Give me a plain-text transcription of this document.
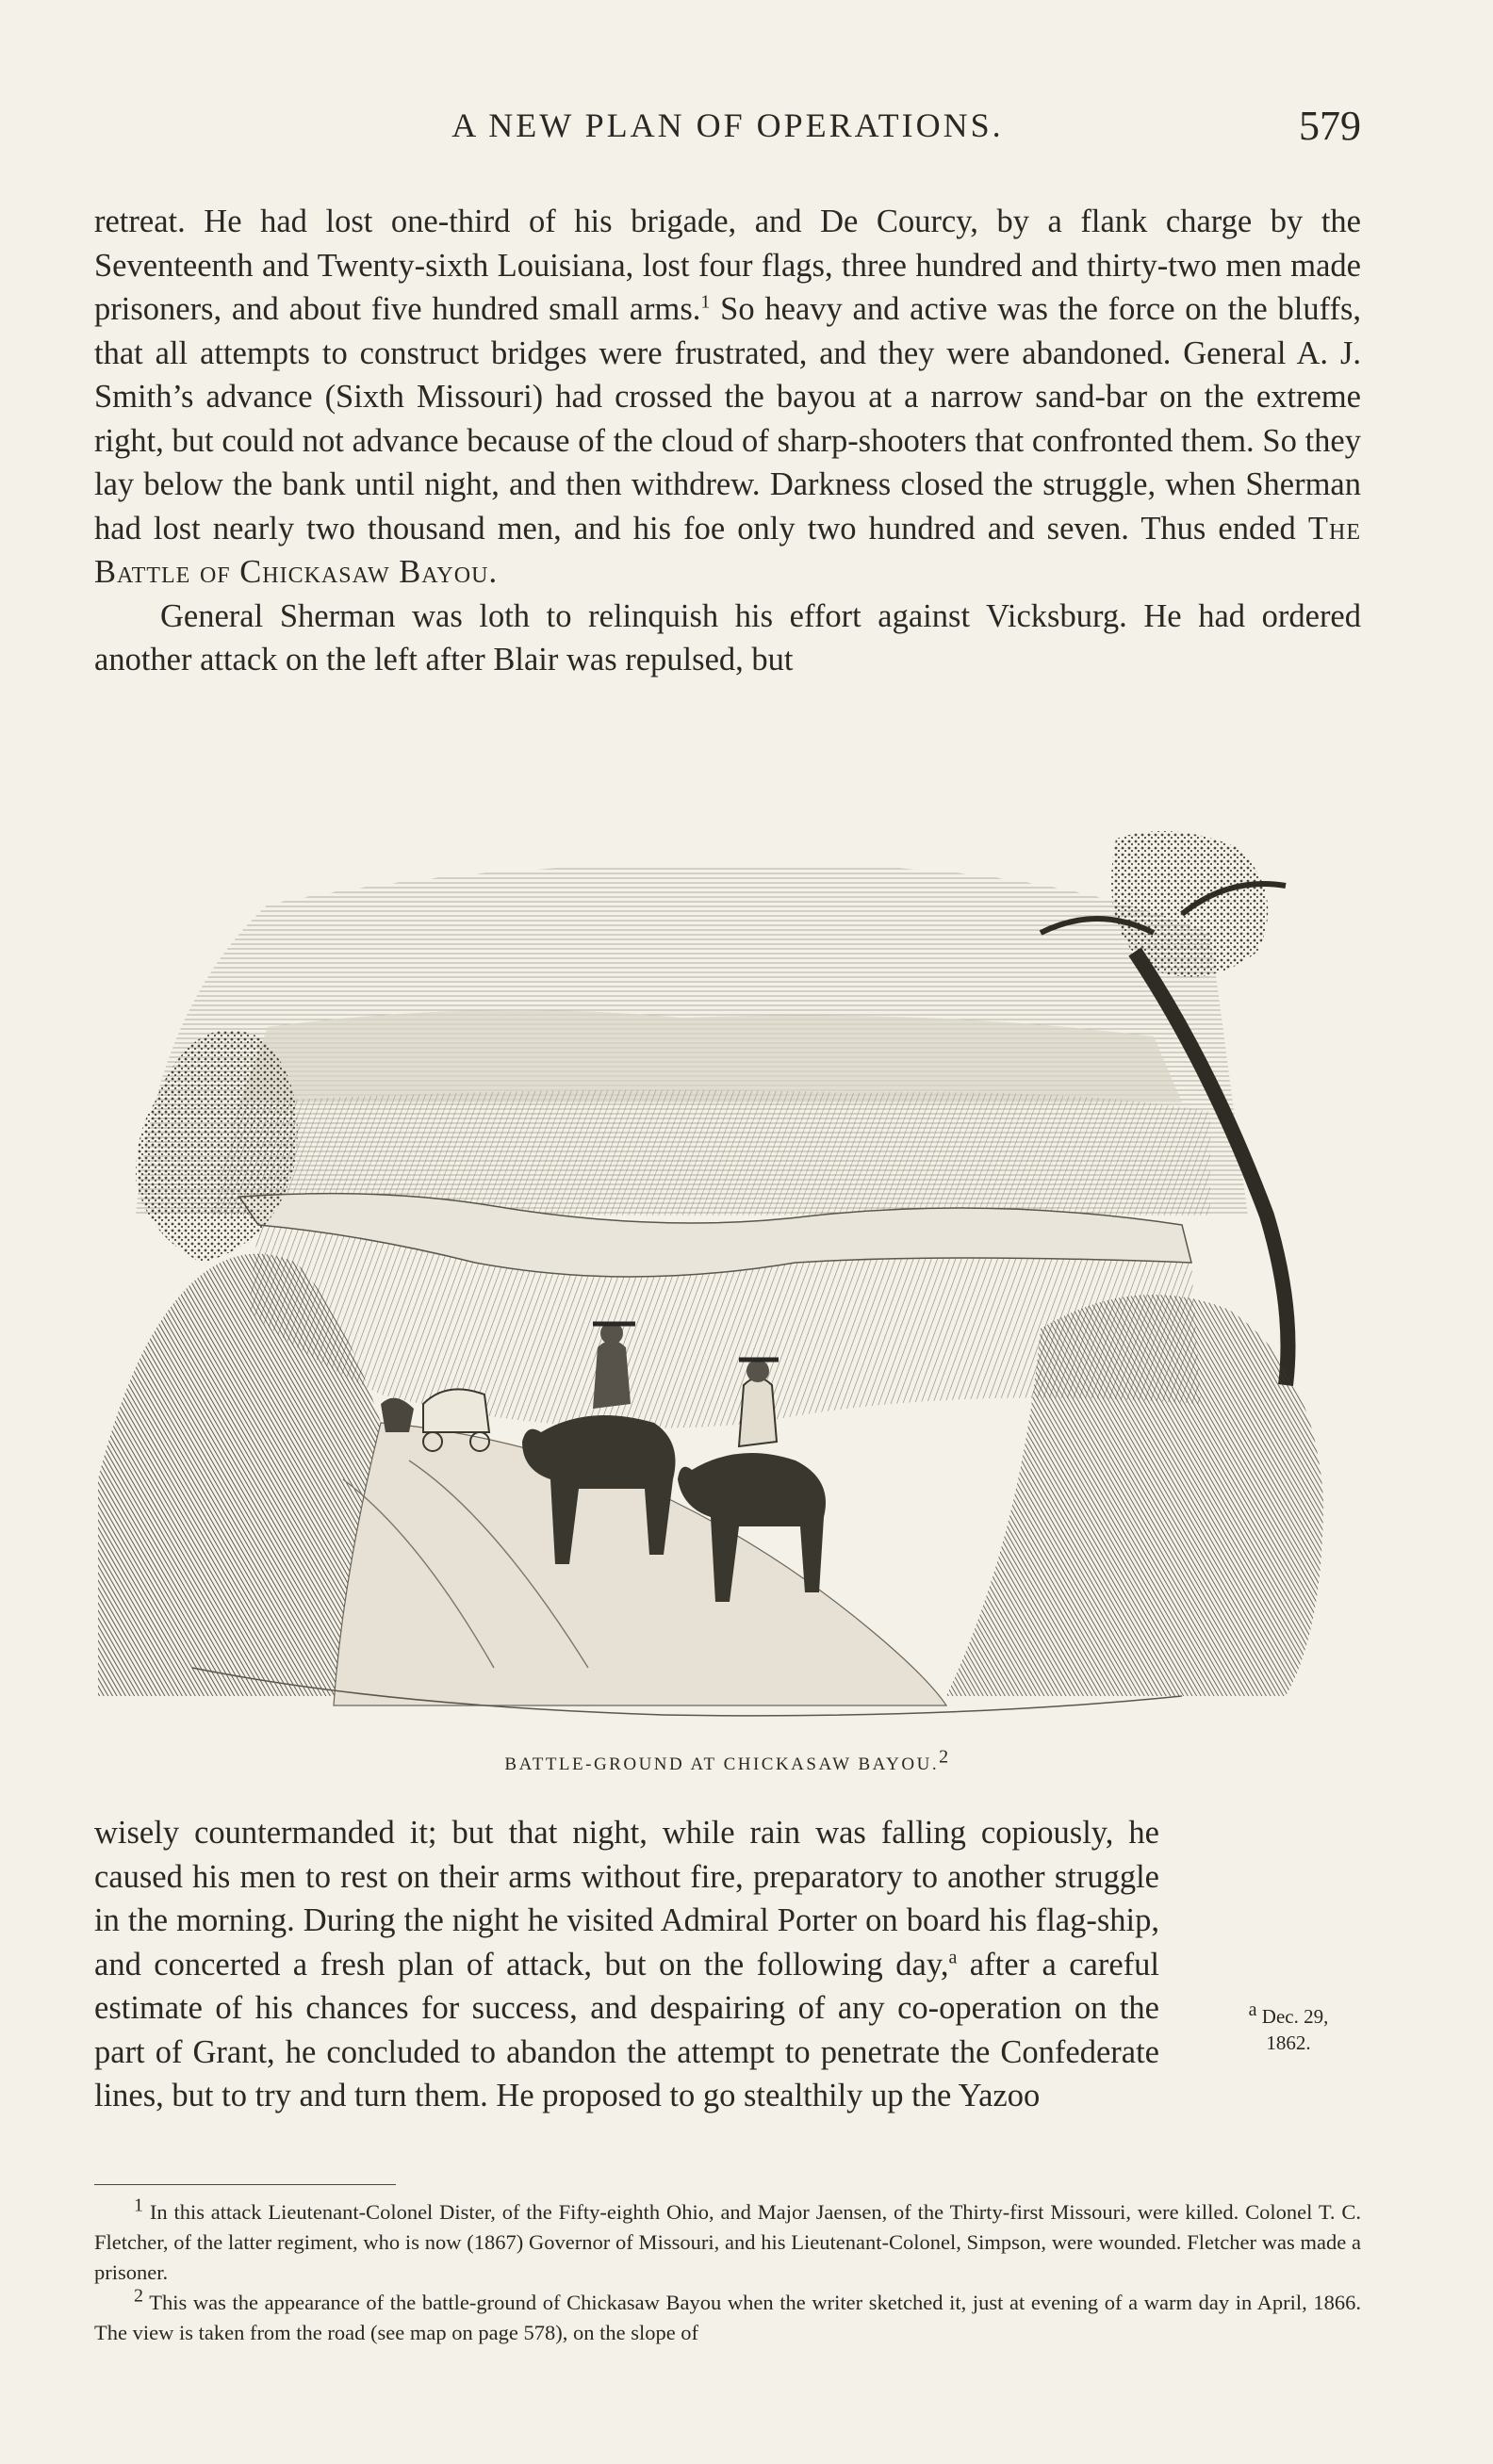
A NEW PLAN OF OPERATIONS.	579

retreat. He had lost one-third of his brigade, and De Courcy, by a flank charge by the Seventeenth and Twenty-sixth Louisiana, lost four flags, three hundred and thirty-two men made prisoners, and about five hundred small arms.$^1$ So heavy and active was the force on the bluffs, that all attempts to construct bridges were frustrated, and they were abandoned. General A. J. Smith’s advance (Sixth Missouri) had crossed the bayou at a narrow sand-bar on the extreme right, but could not advance because of the cloud of sharp-shooters that confronted them. So they lay below the bank until night, and then withdrew. Darkness closed the struggle, when Sherman had lost nearly two thousand men, and his foe only two hundred and seven. Thus ended The Battle of Chickasaw Bayou.

General Sherman was loth to relinquish his effort against Vicksburg. He had ordered another attack on the left after Blair was repulsed, but

BATTLE-GROUND AT CHICKASAW BAYOU.$^2$

wisely countermanded it; but that night, while rain was falling copiously, he caused his men to rest on their arms without fire, preparatory to another struggle in the morning. During the night he visited Admiral Porter on board his flag-ship, and concerted a fresh plan of attack, but on the following day,$^a$ after a careful estimate of his chances for success, and despairing of any co-operation on the part of Grant, he concluded to abandon the attempt to penetrate the Confederate lines, but to try and turn them. He proposed to go stealthily up the Yazoo

$^a$ Dec. 29,
1862.

$^1$ In this attack Lieutenant-Colonel Dister, of the Fifty-eighth Ohio, and Major Jaensen, of the Thirty-first Missouri, were killed. Colonel T. C. Fletcher, of the latter regiment, who is now (1867) Governor of Missouri, and his Lieutenant-Colonel, Simpson, were wounded. Fletcher was made a prisoner.

$^2$ This was the appearance of the battle-ground of Chickasaw Bayou when the writer sketched it, just at evening of a warm day in April, 1866. The view is taken from the road (see map on page 578), on the slope of
